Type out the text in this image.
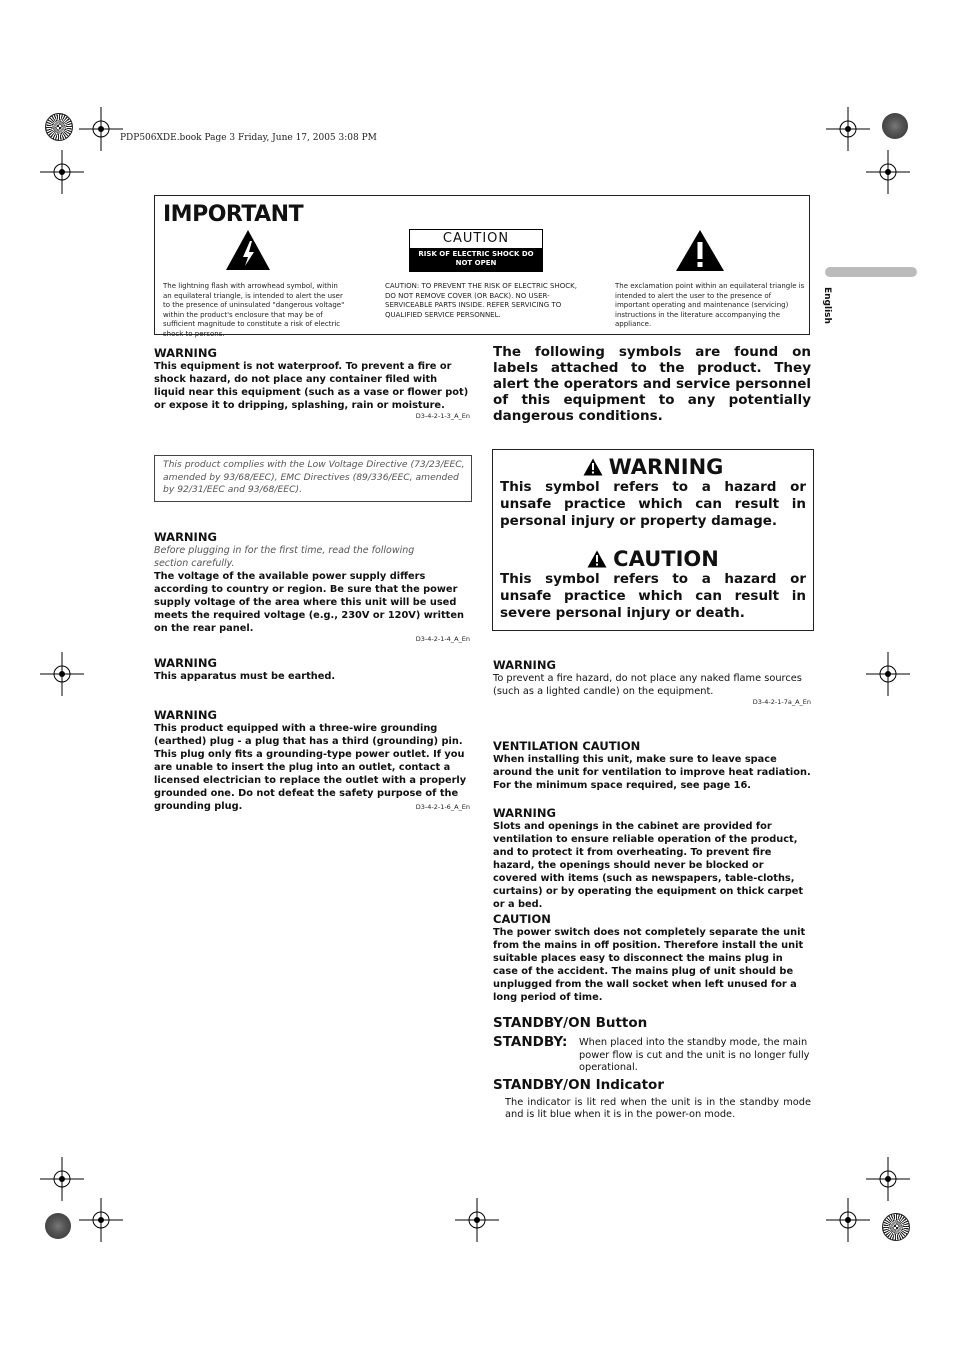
PDP506XDE.book Page 3 Friday, June 17, 2005 3:08 PM
English
IMPORTANT
The lightning flash with arrowhead symbol, within an equilateral triangle, is intended to alert the user to the presence of uninsulated "dangerous voltage" within the product's enclosure that may be of sufficient magnitude to constitute a risk of electric shock to persons.
CAUTION
RISK OF ELECTRIC SHOCK DO NOT OPEN
CAUTION: TO PREVENT THE RISK OF ELECTRIC SHOCK, DO NOT REMOVE COVER (OR BACK). NO USER-SERVICEABLE PARTS INSIDE. REFER SERVICING TO QUALIFIED SERVICE PERSONNEL.
The exclamation point within an equilateral triangle is intended to alert the user to the presence of important operating and maintenance (servicing) instructions in the literature accompanying the appliance.
WARNING
This equipment is not waterproof. To prevent a fire or shock hazard, do not place any container filed with liquid near this equipment (such as a vase or flower pot) or expose it to dripping, splashing, rain or moisture.
D3-4-2-1-3_A_En
This product complies with the Low Voltage Directive (73/23/EEC, amended by 93/68/EEC), EMC Directives (89/336/EEC, amended by 92/31/EEC and 93/68/EEC).
WARNING
Before plugging in for the first time, read the following section carefully.
The voltage of the available power supply differs according to country or region. Be sure that the power supply voltage of the area where this unit will be used meets the required voltage (e.g., 230V or 120V) written on the rear panel.
D3-4-2-1-4_A_En
WARNING
This apparatus must be earthed.
WARNING
This product equipped with a three-wire grounding (earthed) plug - a plug that has a third (grounding) pin. This plug only fits a grounding-type power outlet. If you are unable to insert the plug into an outlet, contact a licensed electrician to replace the outlet with a properly grounded one. Do not defeat the safety purpose of the grounding plug.	D3-4-2-1-6_A_En
The following symbols are found on labels attached to the product. They alert the operators and service personnel of this equipment to any potentially dangerous conditions.
WARNING
This symbol refers to a hazard or unsafe practice which can result in personal injury or property damage.
CAUTION
This symbol refers to a hazard or unsafe practice which can result in severe personal injury or death.
WARNING
To prevent a fire hazard, do not place any naked flame sources (such as a lighted candle) on the equipment.
D3-4-2-1-7a_A_En
VENTILATION CAUTION
When installing this unit, make sure to leave space around the unit for ventilation to improve heat radiation. For the minimum space required, see page 16.
WARNING
Slots and openings in the cabinet are provided for ventilation to ensure reliable operation of the product, and to protect it from overheating. To prevent fire hazard, the openings should never be blocked or covered with items (such as newspapers, table-cloths, curtains) or by operating the equipment on thick carpet or a bed.
CAUTION
The power switch does not completely separate the unit from the mains in off position. Therefore install the unit suitable places easy to disconnect the mains plug in case of the accident. The mains plug of unit should be unplugged from the wall socket when left unused for a long period of time.
STANDBY/ON Button
STANDBY: When placed into the standby mode, the main power flow is cut and the unit is no longer fully operational.
STANDBY/ON Indicator
The indicator is lit red when the unit is in the standby mode and is lit blue when it is in the power-on mode.
